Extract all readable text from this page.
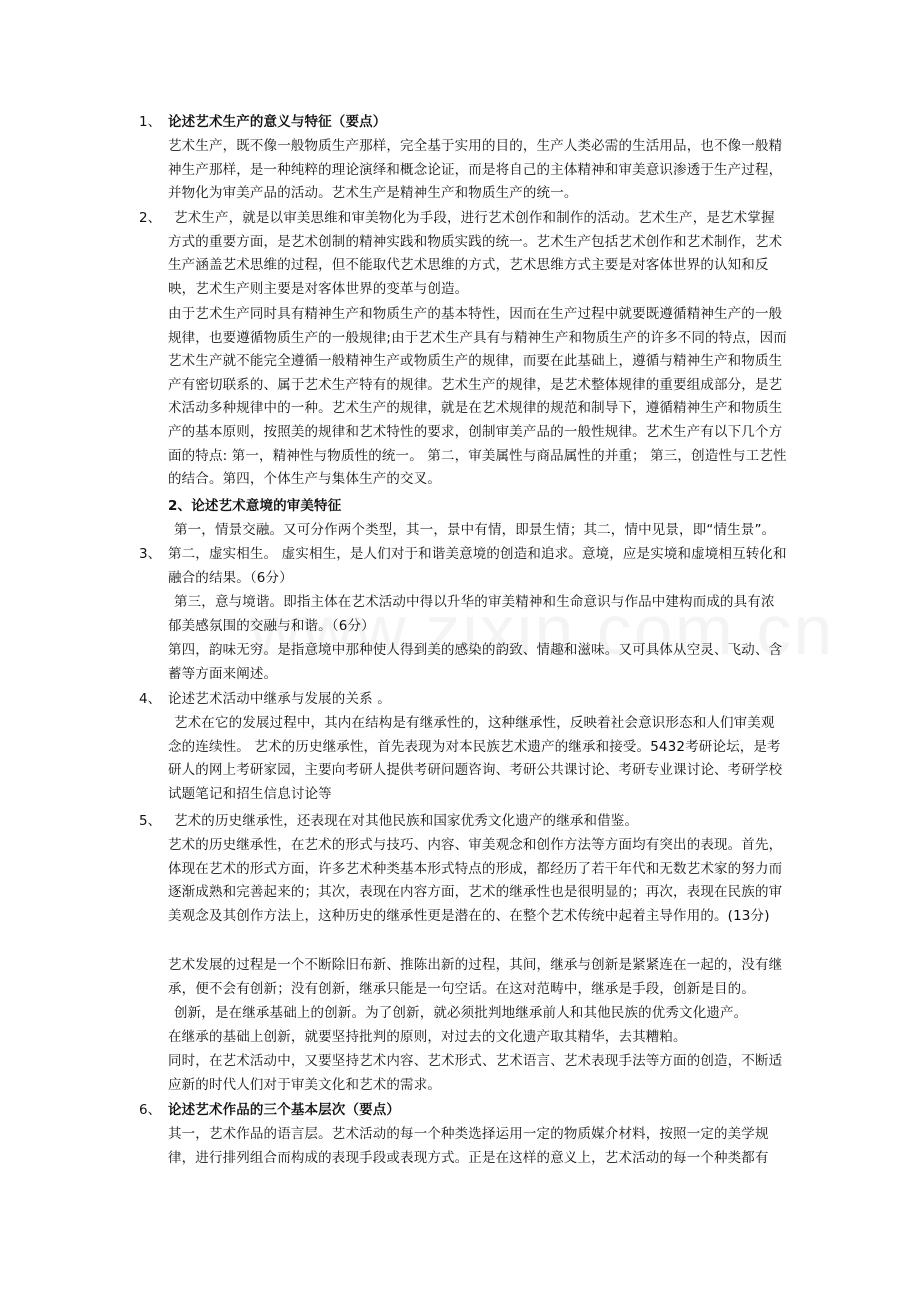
1、 论述艺术生产的意义与特征（要点）
艺术生产，既不像一般物质生产那样，完全基于实用的目的，生产人类必需的生活用品，也不像一般精神生产那样，是一种纯粹的理论演绎和概念论证，而是将自己的主体精神和审美意识渗透于生产过程，并物化为审美产品的活动。艺术生产是精神生产和物质生产的统一。
2、 艺术生产，就是以审美思维和审美物化为手段，进行艺术创作和制作的活动。艺术生产，是艺术掌握方式的重要方面，是艺术创制的精神实践和物质实践的统一。艺术生产包括艺术创作和艺术制作，艺术生产涵盖艺术思维的过程，但不能取代艺术思维的方式，艺术思维方式主要是对客体世界的认知和反映，艺术生产则主要是对客体世界的变革与创造。
由于艺术生产同时具有精神生产和物质生产的基本特性，因而在生产过程中就要既遵循精神生产的一般规律，也要遵循物质生产的一般规律;由于艺术生产具有与精神生产和物质生产的许多不同的特点，因而艺术生产就不能完全遵循一般精神生产或物质生产的规律，而要在此基础上，遵循与精神生产和物质生产有密切联系的、属于艺术生产特有的规律。艺术生产的规律，是艺术整体规律的重要组成部分，是艺术活动多种规律中的一种。艺术生产的规律，就是在艺术规律的规范和制导下，遵循精神生产和物质生产的基本原则，按照美的规律和艺术特性的要求，创制审美产品的一般性规律。艺术生产有以下几个方面的特点: 第一，精神性与物质性的统一。 第二，审美属性与商品属性的并重； 第三，创造性与工艺性的结合。第四，个体生产与集体生产的交叉。
2、论述艺术意境的审美特征
第一，情景交融。又可分作两个类型，其一，景中有情，即景生情；其二，情中见景，即“情生景”。
3、 第二，虚实相生。 虚实相生，是人们对于和谐美意境的创造和追求。意境，应是实境和虚境相互转化和融合的结果。（6分）
第三，意与境谐。即指主体在艺术活动中得以升华的审美精神和生命意识与作品中建构而成的具有浓郁美感氛围的交融与和谐。（6分）
第四，韵味无穷。是指意境中那种使人得到美的感染的韵致、情趣和滋味。又可具体从空灵、飞动、含蓄等方面来阐述。
4、 论述艺术活动中继承与发展的关系 。
艺术在它的发展过程中，其内在结构是有继承性的，这种继承性，反映着社会意识形态和人们审美观念的连续性。 艺术的历史继承性，首先表现为对本民族艺术遗产的继承和接受。5432考研论坛，是考研人的网上考研家园，主要向考研人提供考研问题咨询、考研公共课讨论、考研专业课讨论、考研学校试题笔记和招生信息讨论等
5、 艺术的历史继承性，还表现在对其他民族和国家优秀文化遗产的继承和借鉴。
艺术的历史继承性，在艺术的形式与技巧、内容、审美观念和创作方法等方面均有突出的表现。首先，体现在艺术的形式方面，许多艺术种类基本形式特点的形成，都经历了若干年代和无数艺术家的努力而逐渐成熟和完善起来的；其次，表现在内容方面，艺术的继承性也是很明显的；再次，表现在民族的审美观念及其创作方法上，这种历史的继承性更是潜在的、在整个艺术传统中起着主导作用的。(13分)
艺术发展的过程是一个不断除旧布新、推陈出新的过程，其间，继承与创新是紧紧连在一起的，没有继承，便不会有创新；没有创新，继承只能是一句空话。在这对范畴中，继承是手段，创新是目的。
创新，是在继承基础上的创新。为了创新，就必须批判地继承前人和其他民族的优秀文化遗产。
在继承的基础上创新，就要坚持批判的原则，对过去的文化遗产取其精华，去其糟粕。
同时，在艺术活动中，又要坚持艺术内容、艺术形式、艺术语言、艺术表现手法等方面的创造，不断适应新的时代人们对于审美文化和艺术的需求。
6、 论述艺术作品的三个基本层次（要点）
其一，艺术作品的语言层。艺术活动的每一个种类选择运用一定的物质媒介材料，按照一定的美学规律，进行排列组合而构成的表现手段或表现方式。正是在这样的意义上，艺术活动的每一个种类都有
